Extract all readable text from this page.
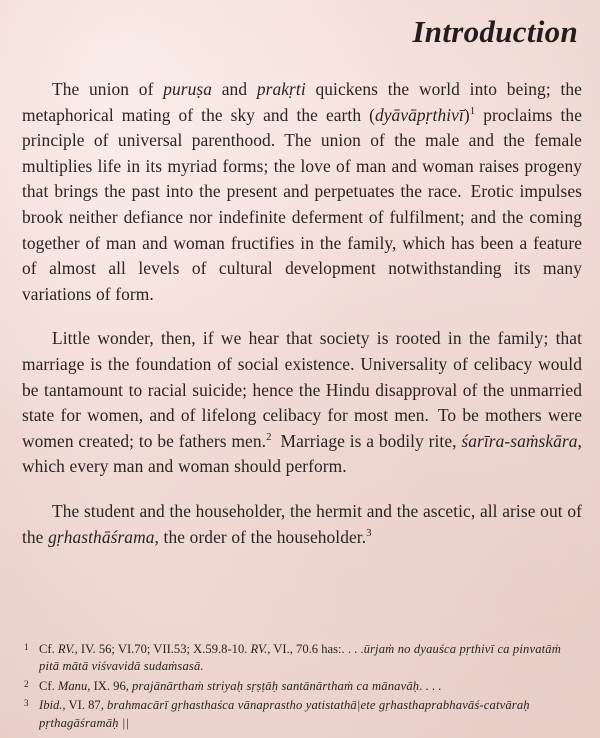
Introduction

The union of puruṣa and prakṛti quickens the world into being; the metaphorical mating of the sky and the earth (dyāvāpṛthivī)$^1$ proclaims the principle of universal parenthood. The union of the male and the female multiplies life in its myriad forms; the love of man and woman raises progeny that brings the past into the present and perpetuates the race. Erotic impulses brook neither defiance nor indefinite deferment of fulfilment; and the coming together of man and woman fructifies in the family, which has been a feature of almost all levels of cultural development notwithstanding its many variations of form.

Little wonder, then, if we hear that society is rooted in the family; that marriage is the foundation of social existence. Universality of celibacy would be tantamount to racial suicide; hence the Hindu disapproval of the unmarried state for women, and of lifelong celibacy for most men. To be mothers were women created; to be fathers men.$^2$ Marriage is a bodily rite, śarīra-saṁskāra, which every man and woman should perform.

The student and the householder, the hermit and the ascetic, all arise out of the gṛhasthāśrama, the order of the householder.$^3$

1 Cf. RV., IV. 56; VI.70; VII.53; X.59.8-10. RV., VI., 70.6 has:. . . .ūrjaṁ no dyauśca pṛthivī ca pinvatāṁ pitā mātā viśvavidā sudaṁsasā.
2 Cf. Manu, IX. 96, prajānārthaṁ striyaḥ sṛṣṭāḥ santānārthaṁ ca mānavāḥ. . . .
3 Ibid., VI. 87, brahmacārī gṛhasthaśca vānaprastho yatistathā|ete gṛhasthaprabhavāś-catvāraḥ pṛthagāśramāḥ ||
